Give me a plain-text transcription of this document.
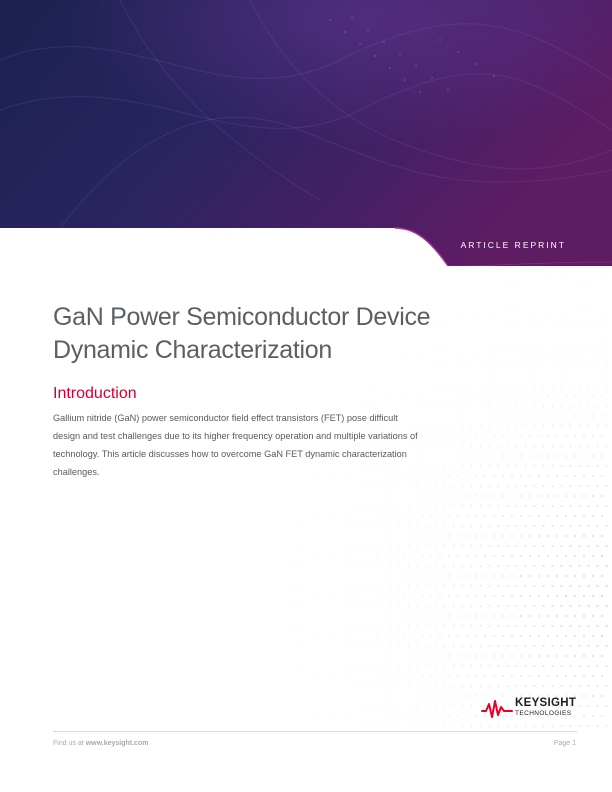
ARTICLE REPRINT
GaN Power Semiconductor Device
Dynamic Characterization
Introduction

Gallium nitride (GaN) power semiconductor field effect transistors (FET) pose difficult design and test challenges due to its higher frequency operation and multiple variations of technology. This article discusses how to overcome GaN FET dynamic characterization challenges.

KEYSIGHT
TECHNOLOGIES
Find us at www.keysight.com	Page 1
